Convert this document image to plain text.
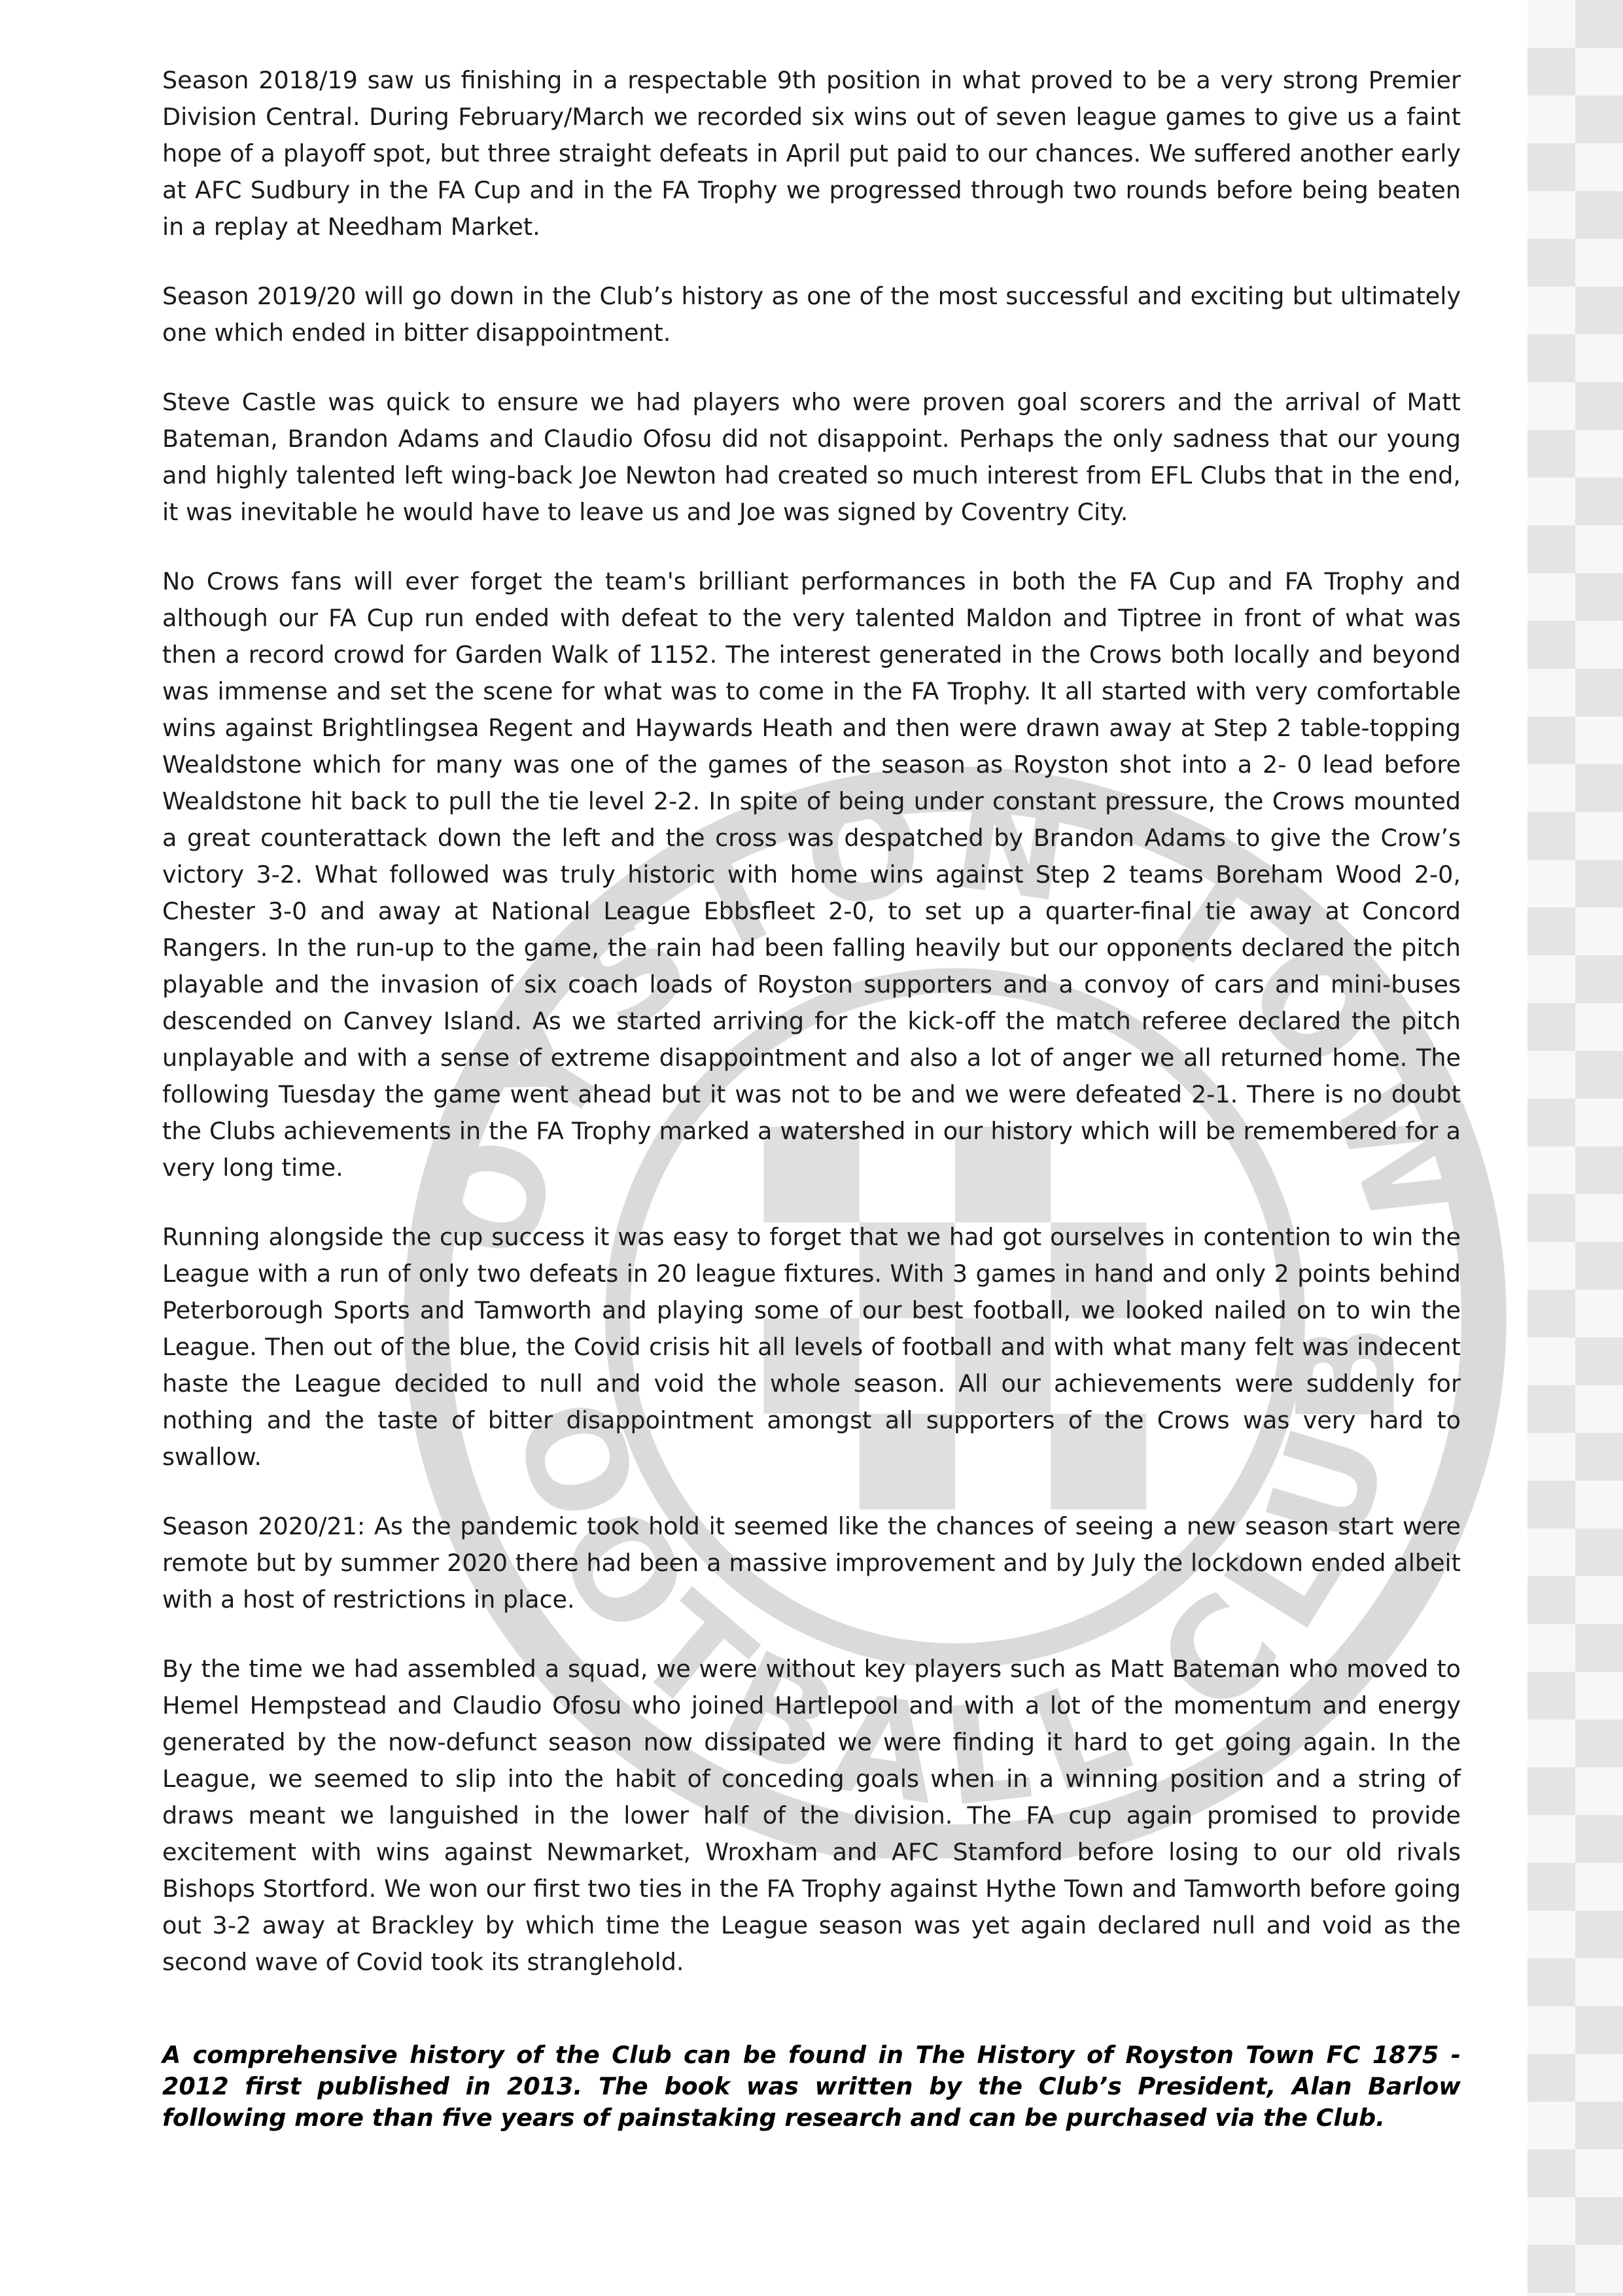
OYSTON TOW
OOTBALL CLUB

Season 2018/19 saw us finishing in a respectable 9th position in what proved to be a very strong Premier Division Central. During February/March we recorded six wins out of seven league games to give us a faint hope of a playoff spot, but three straight defeats in April put paid to our chances. We suffered another early at AFC Sudbury in the FA Cup and in the FA Trophy we progressed through two rounds before being beaten in a replay at Needham Market.

Season 2019/20 will go down in the Club’s history as one of the most successful and exciting but ultimately one which ended in bitter disappointment.

Steve Castle was quick to ensure we had players who were proven goal scorers and the arrival of Matt Bateman, Brandon Adams and Claudio Ofosu did not disappoint. Perhaps the only sadness that our young and highly talented left wing-back Joe Newton had created so much interest from EFL Clubs that in the end, it was inevitable he would have to leave us and Joe was signed by Coventry City.

No Crows fans will ever forget the team's brilliant performances in both the FA Cup and FA Trophy and although our FA Cup run ended with defeat to the very talented Maldon and Tiptree in front of what was then a record crowd for Garden Walk of 1152. The interest generated in the Crows both locally and beyond was immense and set the scene for what was to come in the FA Trophy. It all started with very comfortable wins against Brightlingsea Regent and Haywards Heath and then were drawn away at Step 2 table-topping Wealdstone which for many was one of the games of the season as Royston shot into a 2- 0 lead before Wealdstone hit back to pull the tie level 2-2. In spite of being under constant pressure, the Crows mounted a great counterattack down the left and the cross was despatched by Brandon Adams to give the Crow’s victory 3-2. What followed was truly historic with home wins against Step 2 teams Boreham Wood 2-0, Chester 3-0 and away at National League Ebbsfleet 2-0, to set up a quarter-final tie away at Concord Rangers. In the run-up to the game, the rain had been falling heavily but our opponents declared the pitch playable and the invasion of six coach loads of Royston supporters and a convoy of cars and mini-buses descended on Canvey Island. As we started arriving for the kick-off the match referee declared the pitch unplayable and with a sense of extreme disappointment and also a lot of anger we all returned home. The following Tuesday the game went ahead but it was not to be and we were defeated 2-1. There is no doubt the Clubs achievements in the FA Trophy marked a watershed in our history which will be remembered for a very long time.

Running alongside the cup success it was easy to forget that we had got ourselves in contention to win the League with a run of only two defeats in 20 league fixtures. With 3 games in hand and only 2 points behind Peterborough Sports and Tamworth and playing some of our best football, we looked nailed on to win the League. Then out of the blue, the Covid crisis hit all levels of football and with what many felt was indecent haste the League decided to null and void the whole season. All our achievements were suddenly for nothing and the taste of bitter disappointment amongst all supporters of the Crows was very hard to swallow.

Season 2020/21: As the pandemic took hold it seemed like the chances of seeing a new season start were remote but by summer 2020 there had been a massive improvement and by July the lockdown ended albeit with a host of restrictions in place.

By the time we had assembled a squad, we were without key players such as Matt Bateman who moved to Hemel Hempstead and Claudio Ofosu who joined Hartlepool and with a lot of the momentum and energy generated by the now-defunct season now dissipated we were finding it hard to get going again. In the League, we seemed to slip into the habit of conceding goals when in a winning position and a string of draws meant we languished in the lower half of the division. The FA cup again promised to provide excitement with wins against Newmarket, Wroxham and AFC Stamford before losing to our old rivals Bishops Stortford. We won our first two ties in the FA Trophy against Hythe Town and Tamworth before going out 3-2 away at Brackley by which time the League season was yet again declared null and void as the second wave of Covid took its stranglehold.

A comprehensive history of the Club can be found in The History of Royston Town FC 1875 - 2012 first published in 2013. The book was written by the Club’s President, Alan Barlow following more than five years of painstaking research and can be purchased via the Club.
